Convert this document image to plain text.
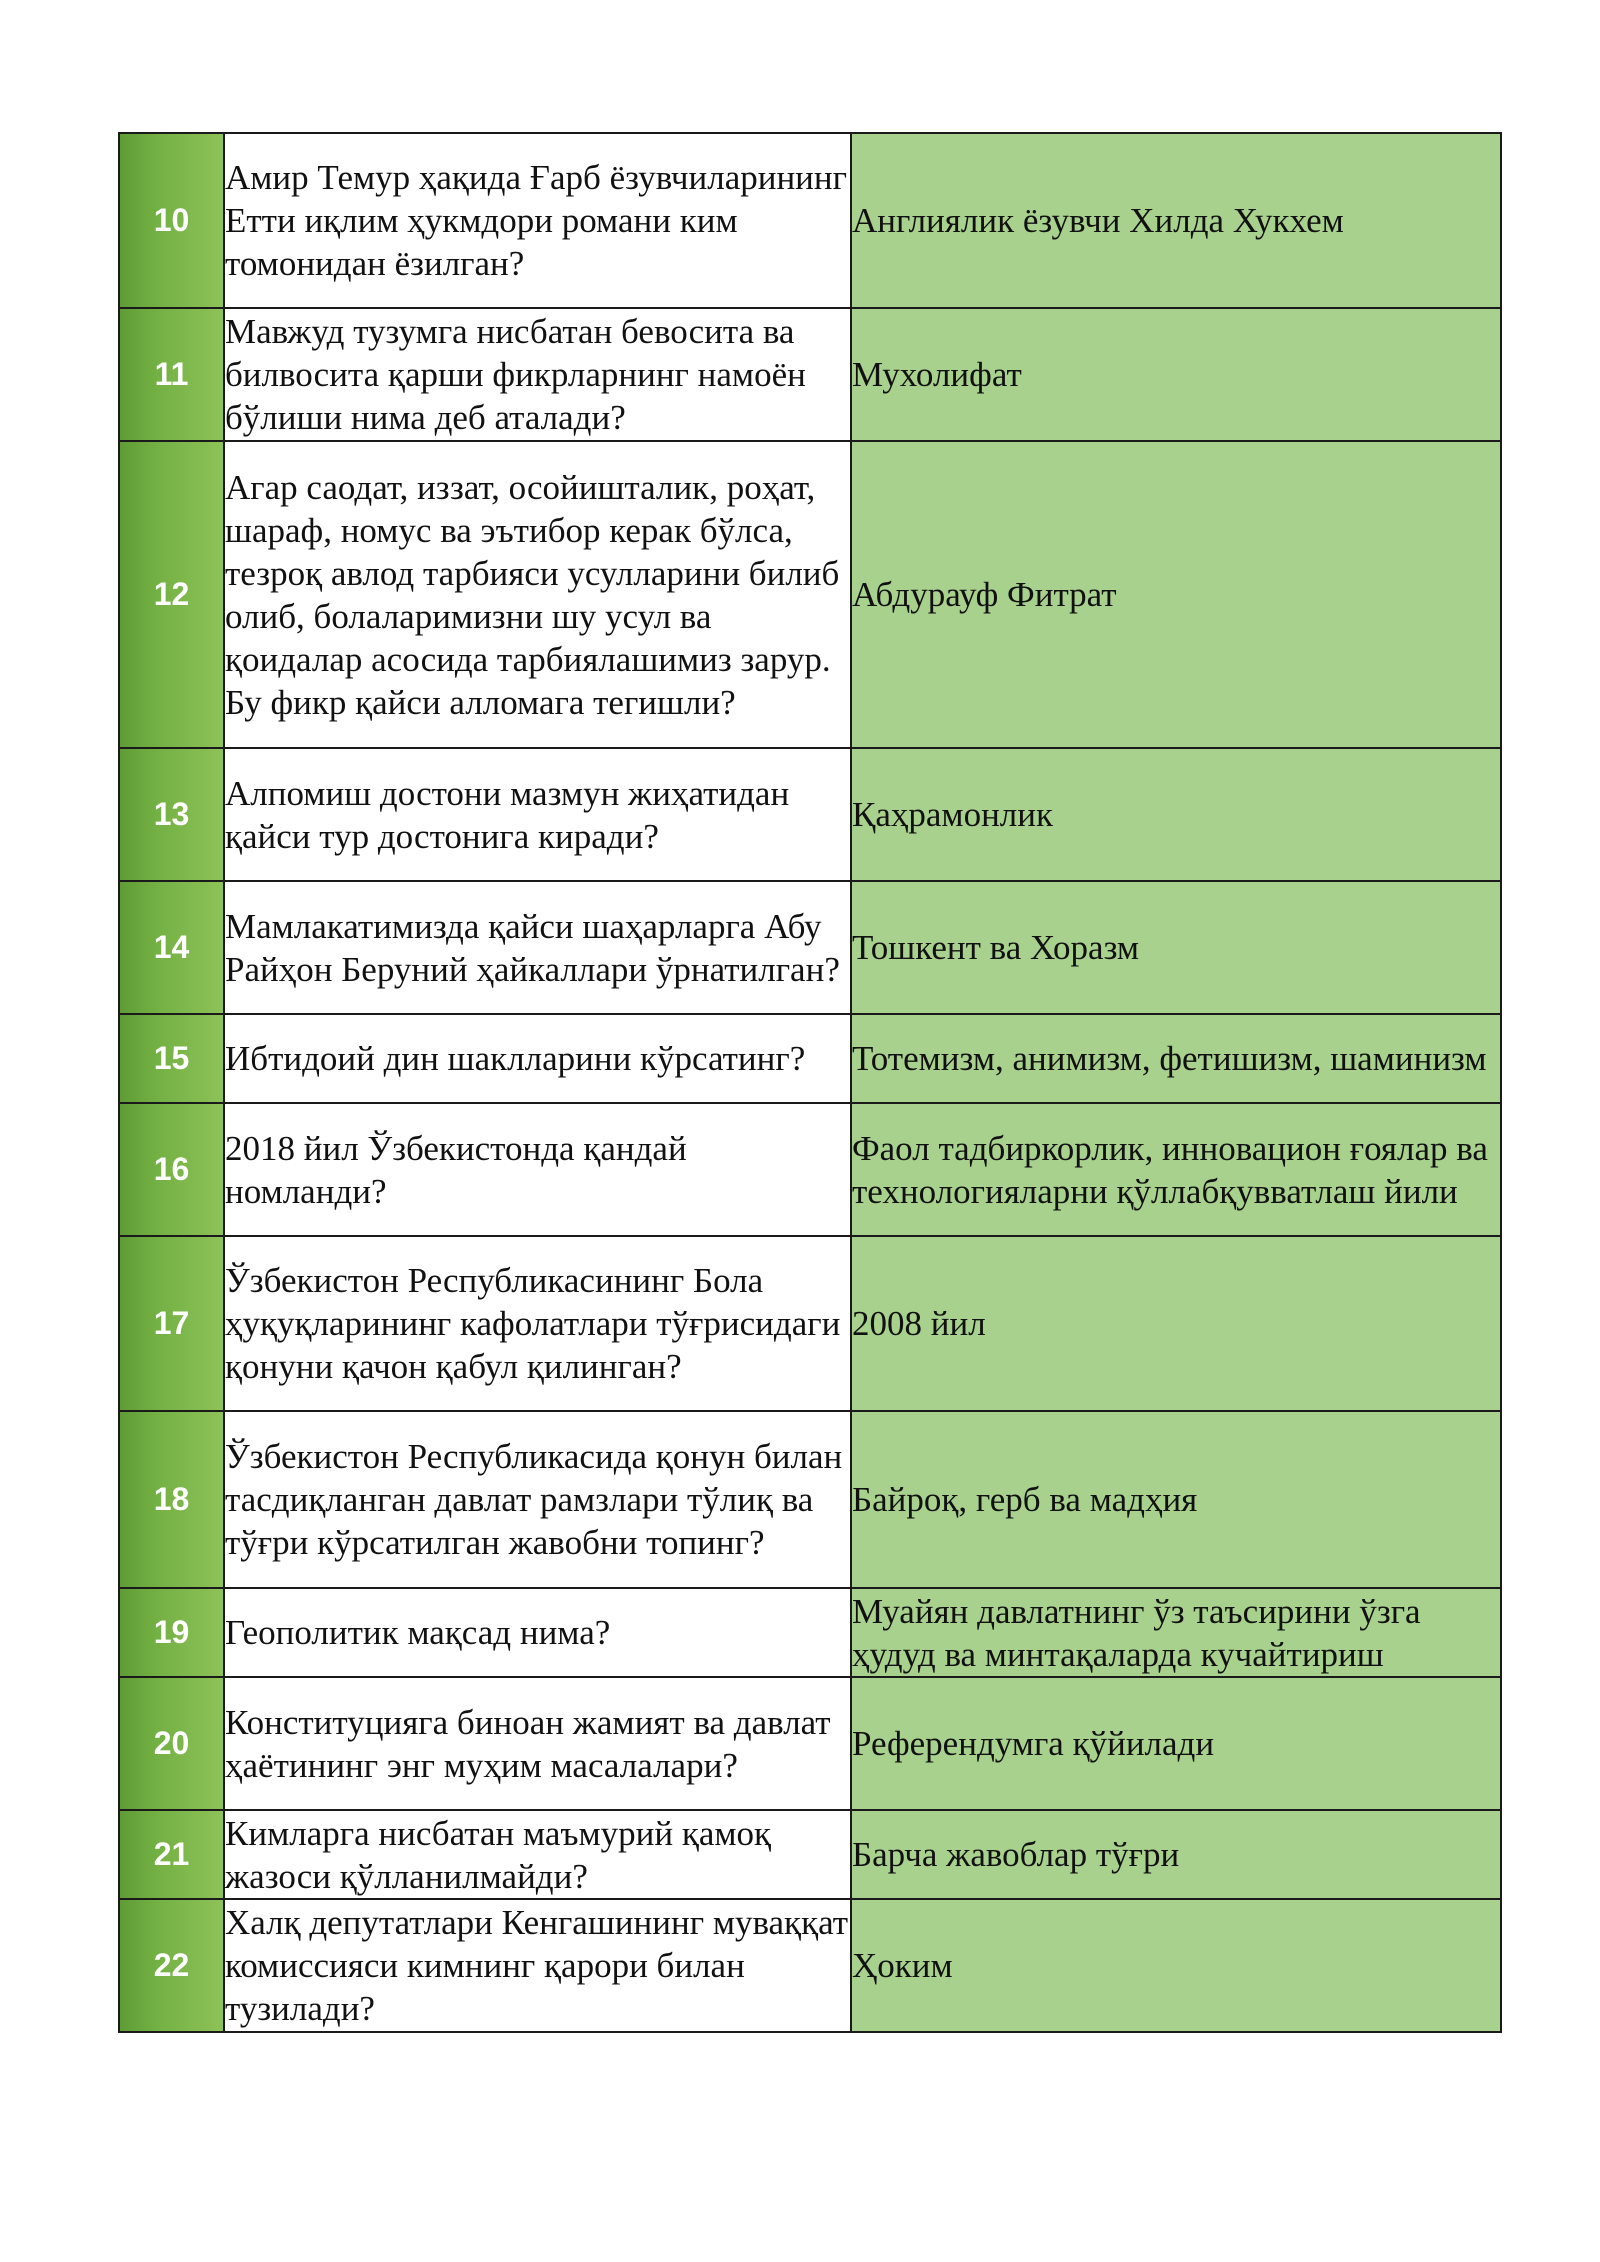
10	Амир Темур ҳақида Ғарб ёзувчиларининг Етти иқлим ҳукмдори романи ким томонидан ёзилган?	Англиялик ёзувчи Хилда Хукхем
11	Мавжуд тузумга нисбатан бевосита ва билвосита қарши фикрларнинг намоён бўлиши нима деб аталади?	Мухолифат
12	Агар саодат, иззат, осойишталик, роҳат, шараф, номус ва эътибор керак бўлса, тезроқ авлод тарбияси усулларини билиб олиб, болаларимизни шу усул ва қоидалар асосида тарбиялашимиз зарур. Бу фикр қайси алломага тегишли?	Абдурауф Фитрат
13	Алпомиш достони мазмун жиҳатидан қайси тур достонига киради?	Қаҳрамонлик
14	Мамлакатимизда қайси шаҳарларга Абу Райҳон Беруний ҳайкаллари ўрнатилган?	Тошкент ва Хоразм
15	Ибтидоий дин шаклларини кўрсатинг?	Тотемизм, анимизм, фетишизм, шаминизм
16	2018 йил Ўзбекистонда қандай номланди?	Фаол тадбиркорлик, инновацион ғоялар ва технологияларни қўллабқувватлаш йили
17	Ўзбекистон Республикасининг Бола ҳуқуқларининг кафолатлари тўғрисидаги қонуни қачон қабул қилинган?	2008 йил
18	Ўзбекистон Республикасида қонун билан тасдиқланган давлат рамзлари тўлиқ ва тўғри кўрсатилган жавобни топинг?	Байроқ, герб ва мадҳия
19	Геополитик мақсад нима?	Муайян давлатнинг ўз таъсирини ўзга ҳудуд ва минтақаларда кучайтириш
20	Конституцияга биноан жамият ва давлат ҳаётининг энг муҳим масалалари?	Референдумга қўйилади
21	Кимларга нисбатан маъмурий қамоқ жазоси қўлланилмайди?	Барча жавоблар тўғри
22	Халқ депутатлари Кенгашининг муваққат комиссияси кимнинг қарори билан тузилади?	Ҳоким
